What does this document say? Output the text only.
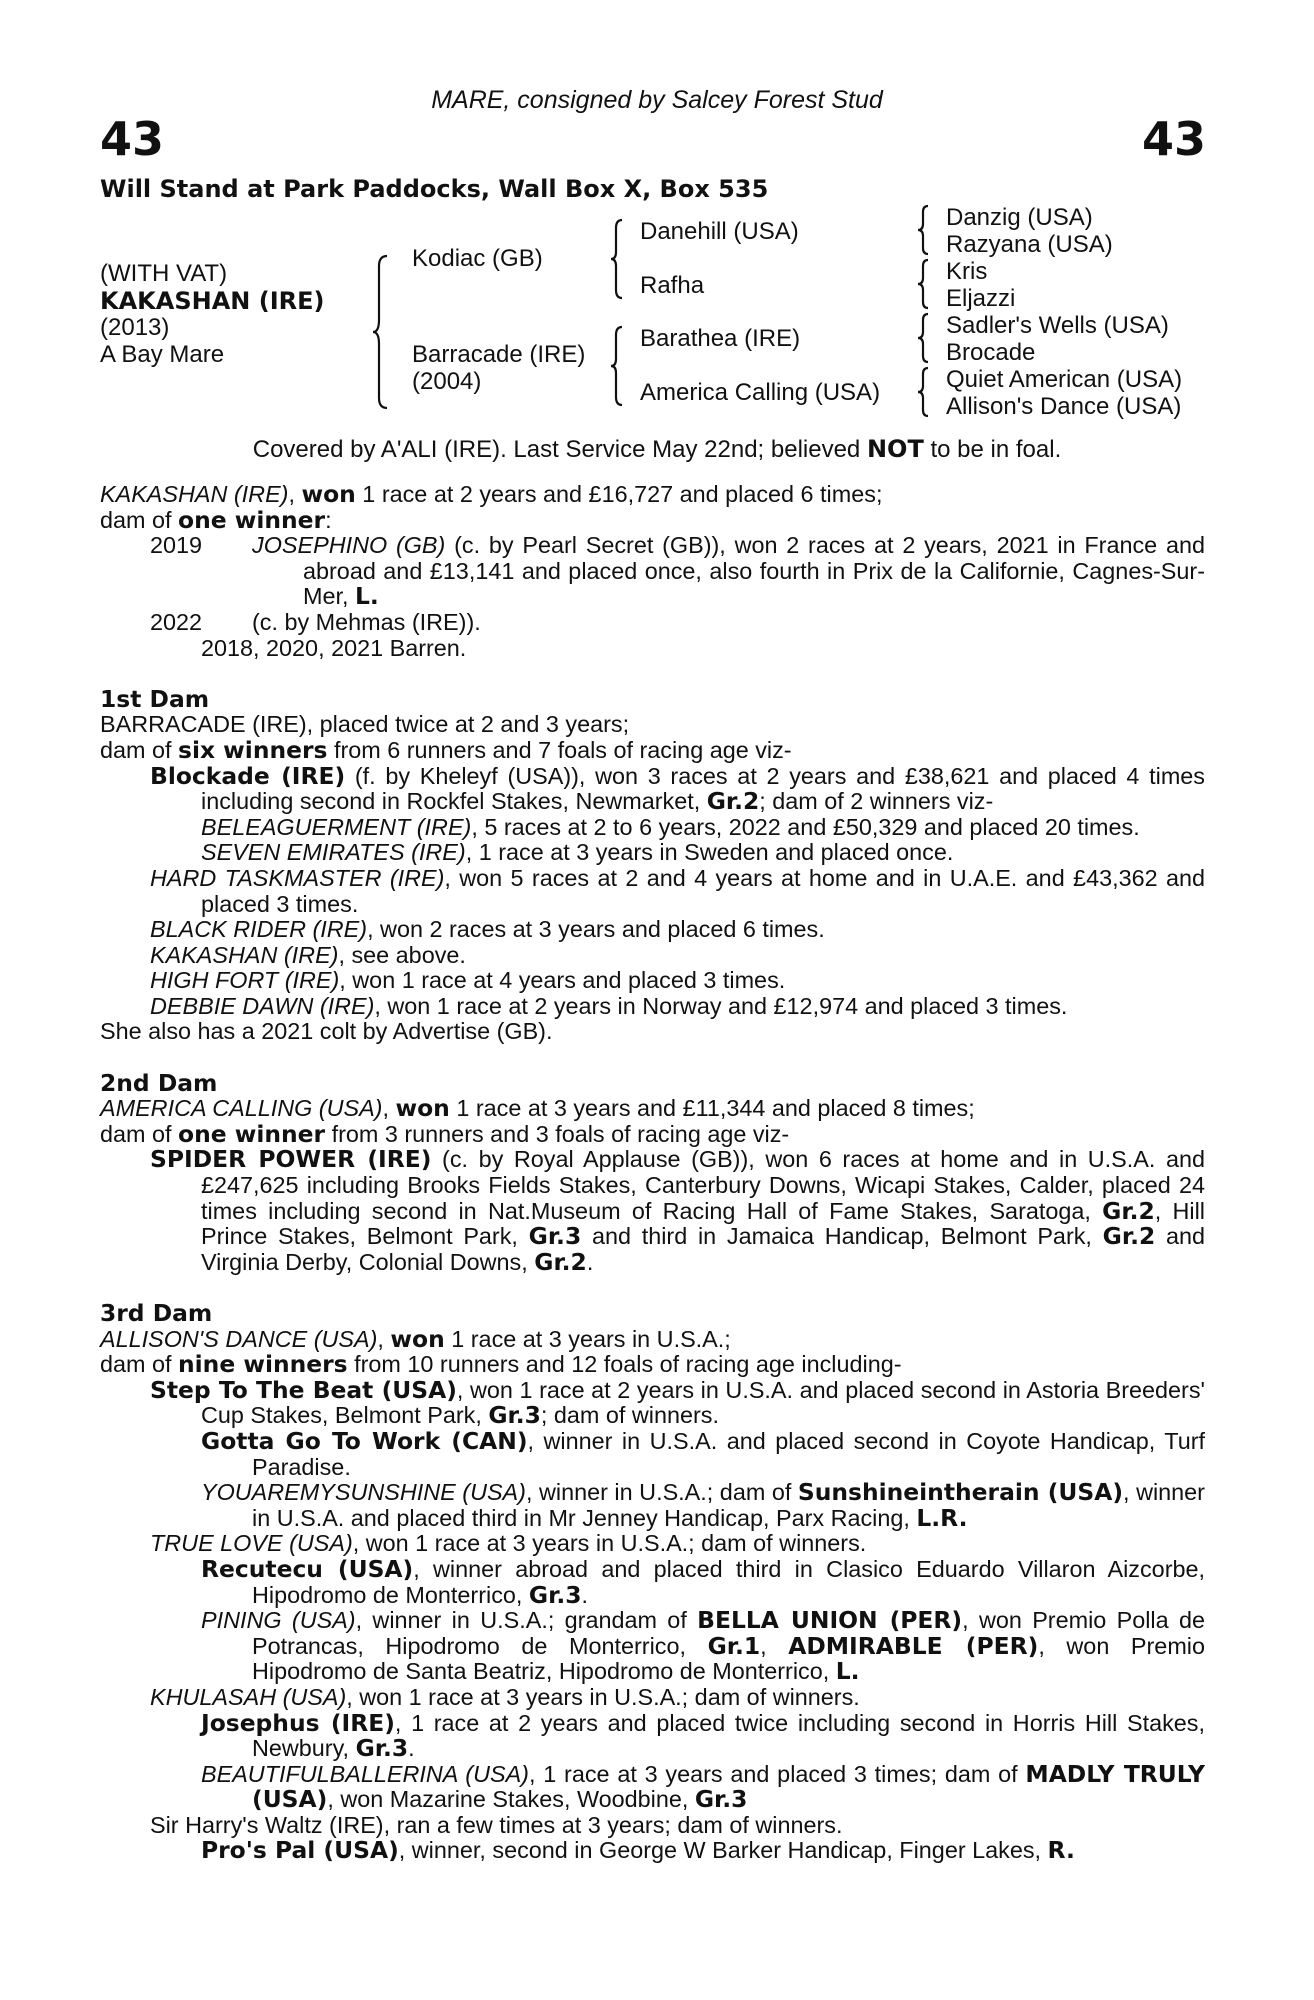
MARE, consigned by Salcey Forest Stud
43	43
Will Stand at Park Paddocks, Wall Box X, Box 535
(WITH VAT)
KAKASHAN (IRE)
(2013)
A Bay Mare
Kodiac (GB)
Barracade (IRE)
(2004)
Danehill (USA)
Rafha
Barathea (IRE)
America Calling (USA)
Danzig (USA)
Razyana (USA)
Kris
Eljazzi
Sadler's Wells (USA)
Brocade
Quiet American (USA)
Allison's Dance (USA)
Covered by A'ALI (IRE). Last Service May 22nd; believed NOT to be in foal.

KAKASHAN (IRE), won 1 race at 2 years and £16,727 and placed 6 times;

dam of one winner:

2019	JOSEPHINO (GB) (c. by Pearl Secret (GB)), won 2 races at 2 years, 2021 in France and abroad and £13,141 and placed once, also fourth in Prix de la Californie, Cagnes-Sur-Mer, L.
2022	(c. by Mehmas (IRE)).

2018, 2020, 2021 Barren.

1st Dam

BARRACADE (IRE), placed twice at 2 and 3 years;

dam of six winners from 6 runners and 7 foals of racing age viz-

Blockade (IRE) (f. by Kheleyf (USA)), won 3 races at 2 years and £38,621 and placed 4 times including second in Rockfel Stakes, Newmarket, Gr.2; dam of 2 winners viz-

BELEAGUERMENT (IRE), 5 races at 2 to 6 years, 2022 and £50,329 and placed 20 times.

SEVEN EMIRATES (IRE), 1 race at 3 years in Sweden and placed once.

HARD TASKMASTER (IRE), won 5 races at 2 and 4 years at home and in U.A.E. and £43,362 and placed 3 times.

BLACK RIDER (IRE), won 2 races at 3 years and placed 6 times.

KAKASHAN (IRE), see above.

HIGH FORT (IRE), won 1 race at 4 years and placed 3 times.

DEBBIE DAWN (IRE), won 1 race at 2 years in Norway and £12,974 and placed 3 times.

She also has a 2021 colt by Advertise (GB).

2nd Dam

AMERICA CALLING (USA), won 1 race at 3 years and £11,344 and placed 8 times;

dam of one winner from 3 runners and 3 foals of racing age viz-

SPIDER POWER (IRE) (c. by Royal Applause (GB)), won 6 races at home and in U.S.A. and £247,625 including Brooks Fields Stakes, Canterbury Downs, Wicapi Stakes, Calder, placed 24 times including second in Nat.Museum of Racing Hall of Fame Stakes, Saratoga, Gr.2, Hill Prince Stakes, Belmont Park, Gr.3 and third in Jamaica Handicap, Belmont Park, Gr.2 and Virginia Derby, Colonial Downs, Gr.2.

3rd Dam

ALLISON'S DANCE (USA), won 1 race at 3 years in U.S.A.;

dam of nine winners from 10 runners and 12 foals of racing age including-

Step To The Beat (USA), won 1 race at 2 years in U.S.A. and placed second in Astoria Breeders' Cup Stakes, Belmont Park, Gr.3; dam of winners.

Gotta Go To Work (CAN), winner in U.S.A. and placed second in Coyote Handicap, Turf Paradise.

YOUAREMYSUNSHINE (USA), winner in U.S.A.; dam of Sunshineintherain (USA), winner in U.S.A. and placed third in Mr Jenney Handicap, Parx Racing, L.R.

TRUE LOVE (USA), won 1 race at 3 years in U.S.A.; dam of winners.

Recutecu (USA), winner abroad and placed third in Clasico Eduardo Villaron Aizcorbe, Hipodromo de Monterrico, Gr.3.

PINING (USA), winner in U.S.A.; grandam of BELLA UNION (PER), won Premio Polla de Potrancas, Hipodromo de Monterrico, Gr.1, ADMIRABLE (PER), won Premio Hipodromo de Santa Beatriz, Hipodromo de Monterrico, L.

KHULASAH (USA), won 1 race at 3 years in U.S.A.; dam of winners.

Josephus (IRE), 1 race at 2 years and placed twice including second in Horris Hill Stakes, Newbury, Gr.3.

BEAUTIFULBALLERINA (USA), 1 race at 3 years and placed 3 times; dam of MADLY TRULY (USA), won Mazarine Stakes, Woodbine, Gr.3

Sir Harry's Waltz (IRE), ran a few times at 3 years; dam of winners.

Pro's Pal (USA), winner, second in George W Barker Handicap, Finger Lakes, R.
